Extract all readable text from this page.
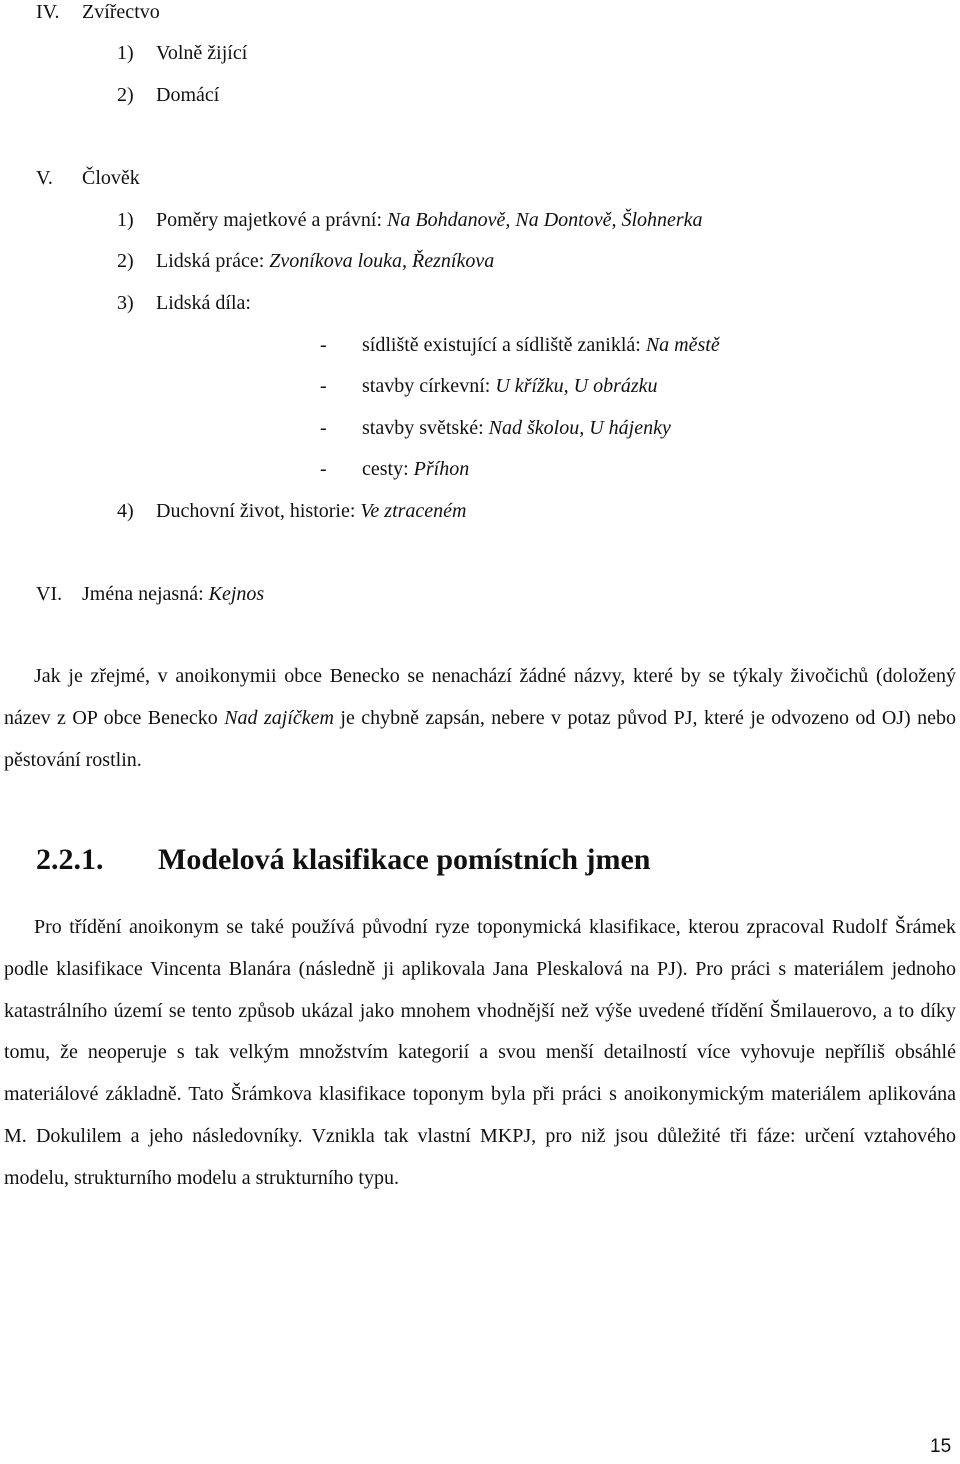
IV. Zvířectvo
1) Volně žijící
2) Domácí
V. Člověk
1) Poměry majetkové a právní: Na Bohdanově, Na Dontově, Šlohnerka
2) Lidská práce: Zvoníkova louka, Řezníkova
3) Lidská díla:
- sídliště existující a sídliště zaniklá: Na městě
- stavby církevní: U křížku, U obrázku
- stavby světské: Nad školou, U hájenky
- cesty: Příhon
4) Duchovní život, historie: Ve ztraceném
VI. Jména nejasná: Kejnos
Jak je zřejmé, v anoikonymii obce Benecko se nenachází žádné názvy, které by se týkaly živočichů (doložený název z OP obce Benecko Nad zajíčkem je chybně zapsán, nebere v potaz původ PJ, které je odvozeno od OJ) nebo pěstování rostlin.
2.2.1. Modelová klasifikace pomístních jmen
Pro třídění anoikonym se také používá původní ryze toponymická klasifikace, kterou zpracoval Rudolf Šrámek podle klasifikace Vincenta Blanára (následně ji aplikovala Jana Pleskalová na PJ). Pro práci s materiálem jednoho katastrálního území se tento způsob ukázal jako mnohem vhodnější než výše uvedené třídění Šmilauerovo, a to díky tomu, že neoperuje s tak velkým množstvím kategorií a svou menší detailností více vyhovuje nepříliš obsáhlé materiálové základně. Tato Šrámkova klasifikace toponym byla při práci s anoikonymickým materiálem aplikována M. Dokulilem a jeho následovníky. Vznikla tak vlastní MKPJ, pro niž jsou důležité tři fáze: určení vztahového modelu, strukturního modelu a strukturního typu.
15
